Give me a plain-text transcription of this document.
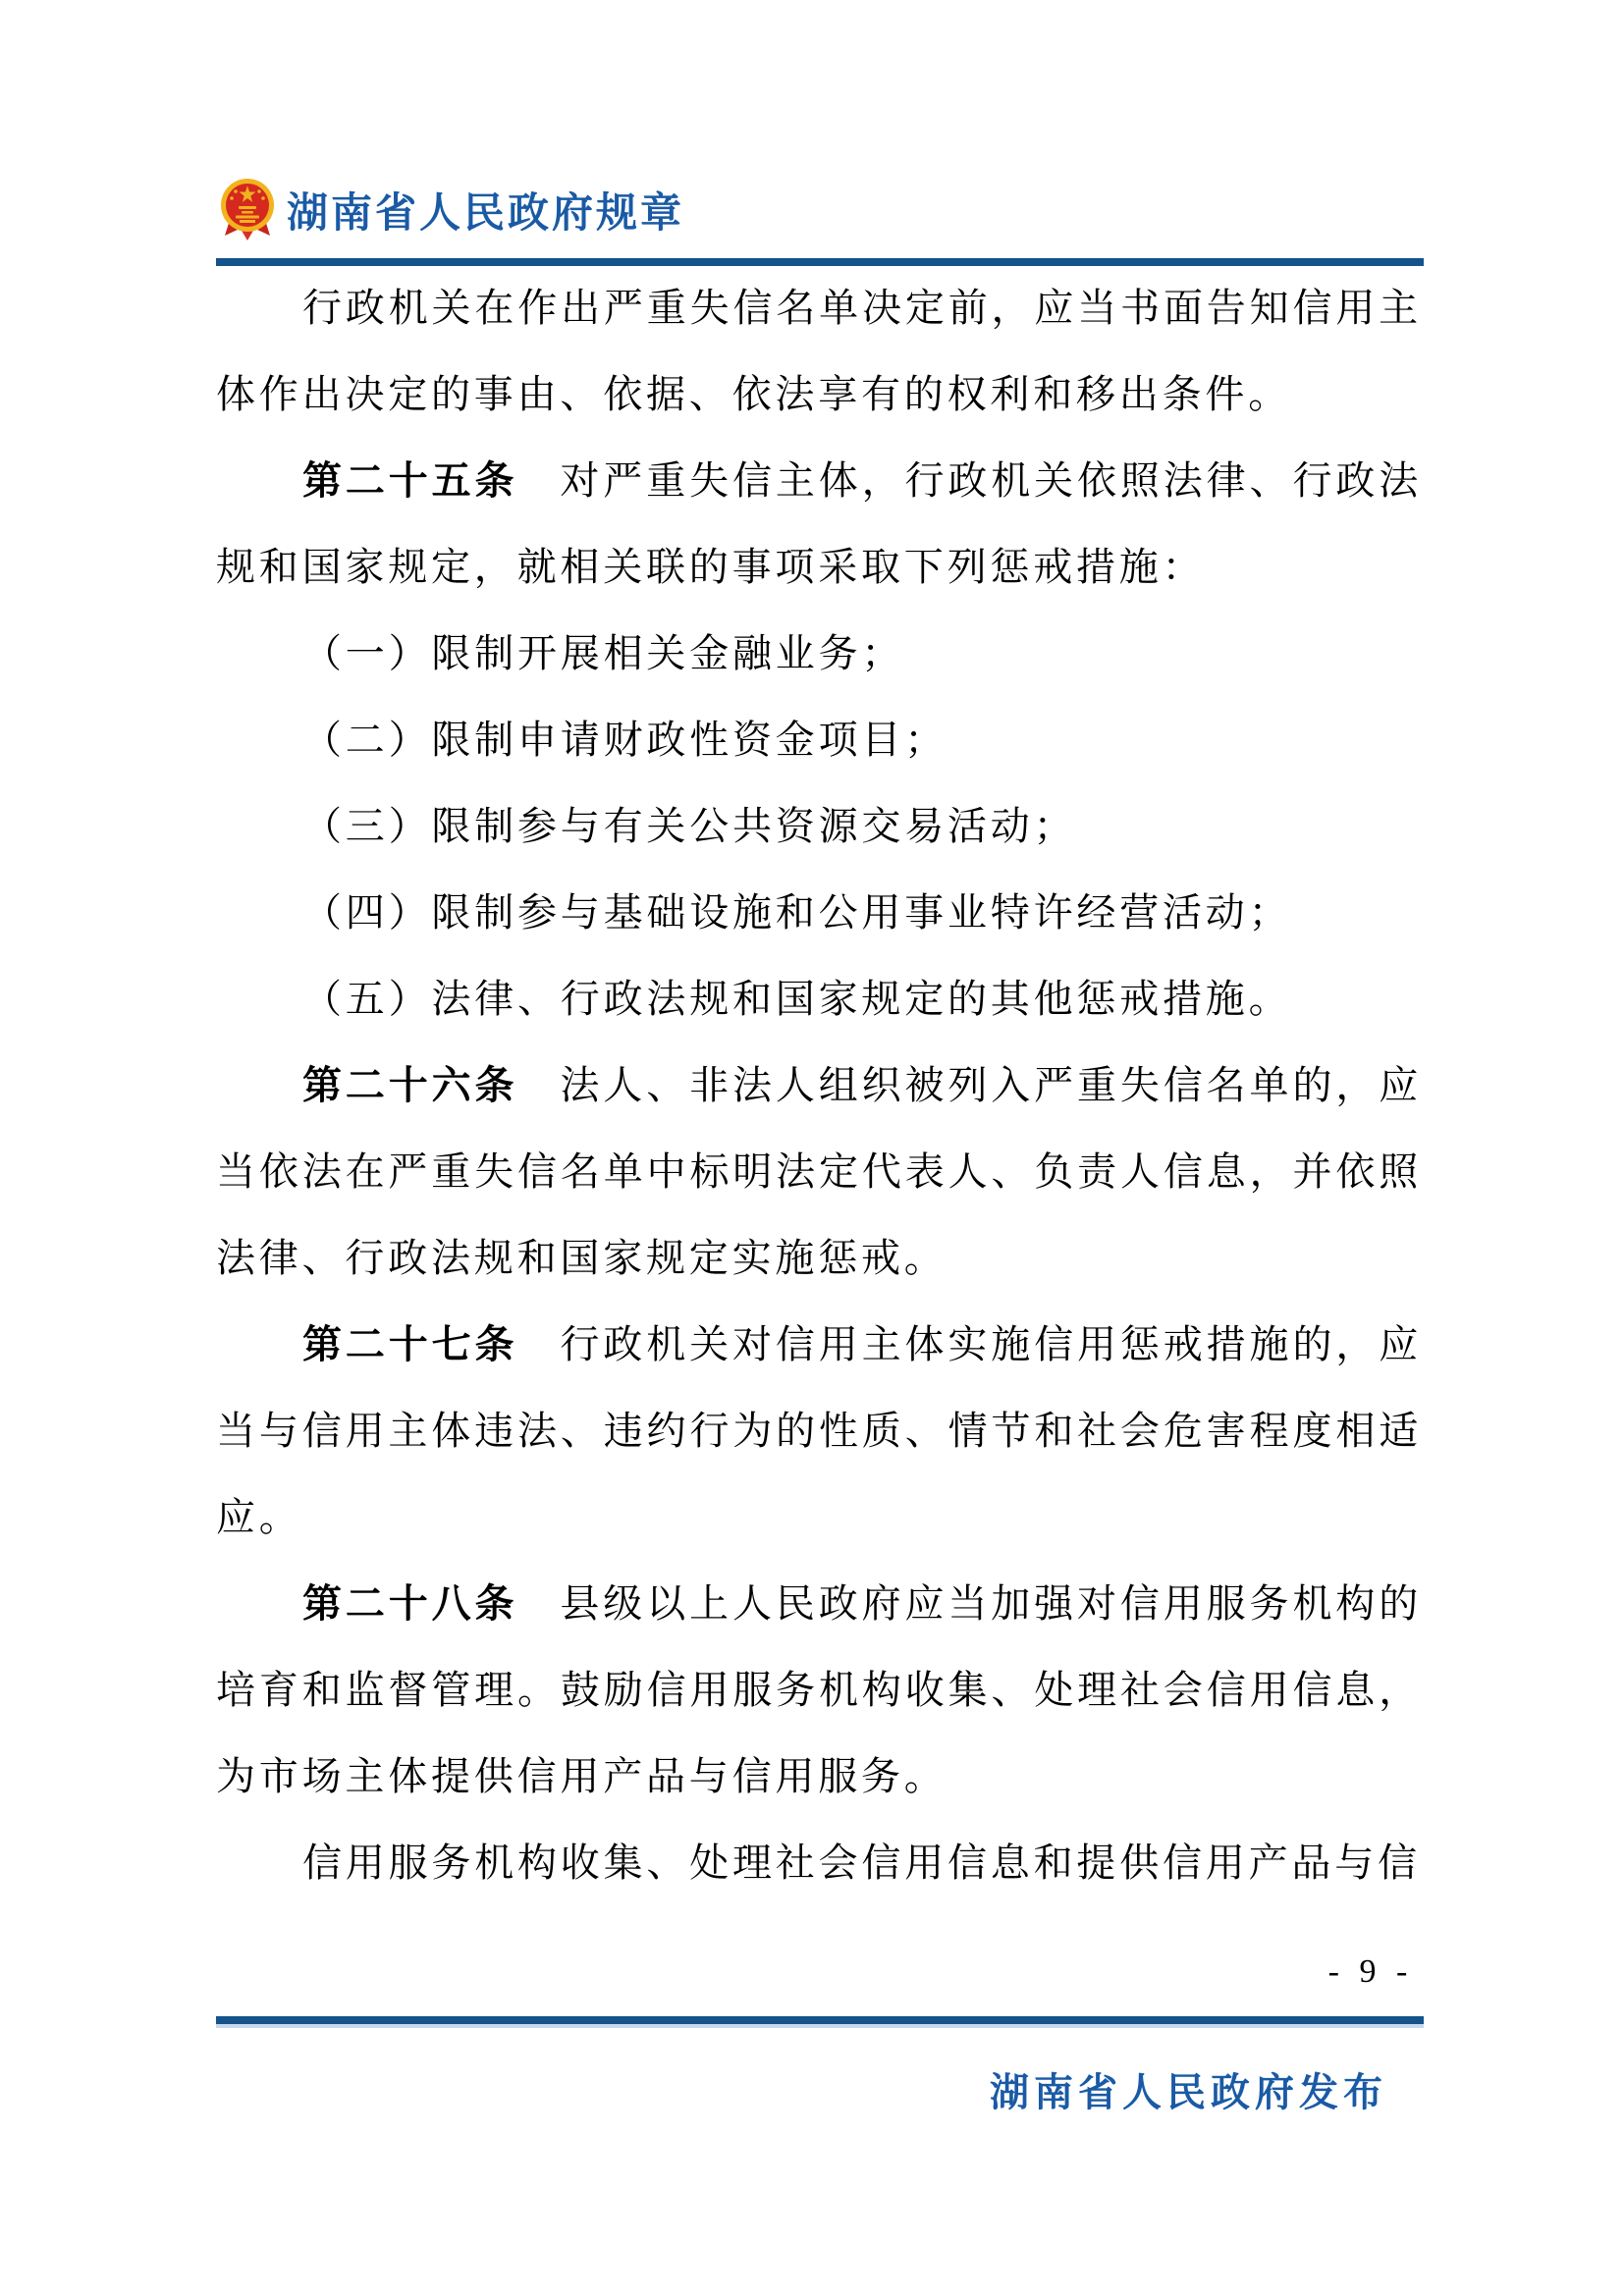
湖南省人民政府规章

行政机关在作出严重失信名单决定前，应当书面告知信用主体作出决定的事由、依据、依法享有的权利和移出条件。

第二十五条 对严重失信主体，行政机关依照法律、行政法规和国家规定，就相关联的事项采取下列惩戒措施：

（一）限制开展相关金融业务；

（二）限制申请财政性资金项目；

（三）限制参与有关公共资源交易活动；

（四）限制参与基础设施和公用事业特许经营活动；

（五）法律、行政法规和国家规定的其他惩戒措施。

第二十六条 法人、非法人组织被列入严重失信名单的，应当依法在严重失信名单中标明法定代表人、负责人信息，并依照法律、行政法规和国家规定实施惩戒。

第二十七条 行政机关对信用主体实施信用惩戒措施的，应当与信用主体违法、违约行为的性质、情节和社会危害程度相适应。

第二十八条 县级以上人民政府应当加强对信用服务机构的培育和监督管理。鼓励信用服务机构收集、处理社会信用信息，为市场主体提供信用产品与信用服务。

信用服务机构收集、处理社会信用信息和提供信用产品与信

- 9 -
湖南省人民政府发布
